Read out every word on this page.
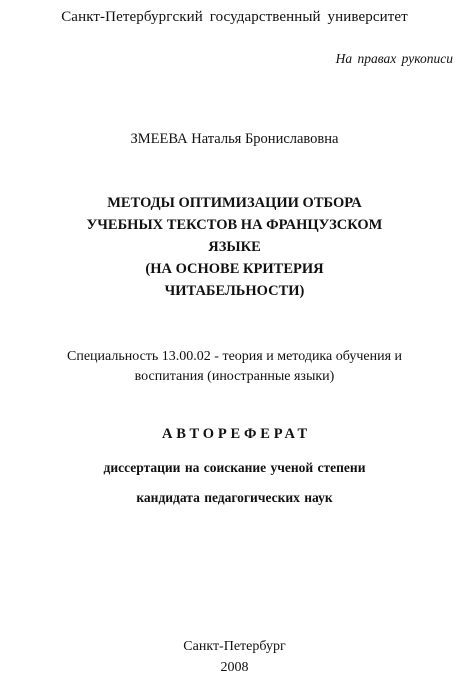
Санкт-Петербургский государственный университет
На правах рукописи
ЗМЕЕВА Наталья Брониславовна
МЕТОДЫ ОПТИМИЗАЦИИ ОТБОРА
УЧЕБНЫХ ТЕКСТОВ НА ФРАНЦУЗСКОМ
ЯЗЫКЕ
(НА ОСНОВЕ КРИТЕРИЯ
ЧИТАБЕЛЬНОСТИ)
Специальность 13.00.02 - теория и методика обучения и
воспитания (иностранные языки)
АВТОРЕФЕРАТ
диссертации на соискание ученой степени
кандидата педагогических наук
Санкт-Петербург
2008
